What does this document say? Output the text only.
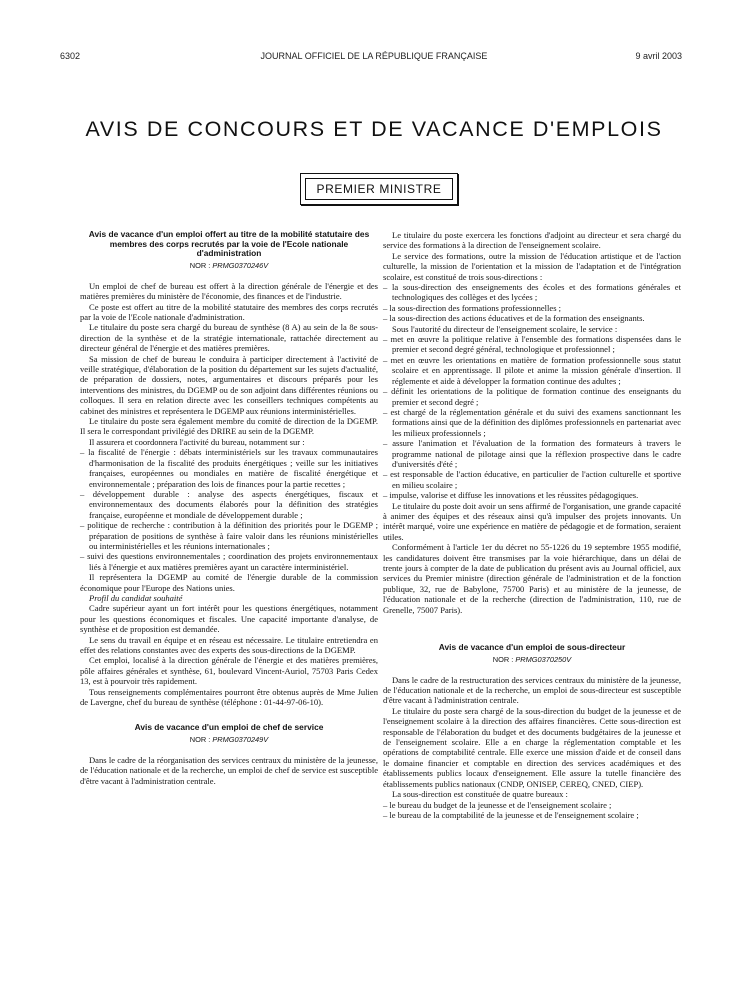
6302	JOURNAL OFFICIEL DE LA RÉPUBLIQUE FRANÇAISE	9 avril 2003
AVIS DE CONCOURS ET DE VACANCE D'EMPLOIS
PREMIER MINISTRE
Avis de vacance d'un emploi offert au titre de la mobilité statutaire des membres des corps recrutés par la voie de l'Ecole nationale d'administration
NOR : PRMG0370246V

Un emploi de chef de bureau est offert à la direction générale de l'énergie et des matières premières du ministère de l'économie, des finances et de l'industrie.

Ce poste est offert au titre de la mobilité statutaire des membres des corps recrutés par la voie de l'Ecole nationale d'administration.

Le titulaire du poste sera chargé du bureau de synthèse (8 A) au sein de la 8e sous-direction de la synthèse et de la stratégie internationale, rattachée directement au directeur général de l'énergie et des matières premières.

Sa mission de chef de bureau le conduira à participer directement à l'activité de veille stratégique, d'élaboration de la position du département sur les sujets d'actualité, de préparation de dossiers, notes, argumentaires et discours préparés pour les interventions des ministres, du DGEMP ou de son adjoint dans différentes réunions ou colloques. Il sera en relation directe avec les conseillers techniques compétents au cabinet des ministres et représentera le DGEMP aux réunions interministérielles.

Le titulaire du poste sera également membre du comité de direction de la DGEMP. Il sera le correspondant privilégié des DRIRE au sein de la DGEMP.

Il assurera et coordonnera l'activité du bureau, notamment sur :

– la fiscalité de l'énergie : débats interministériels sur les travaux communautaires d'harmonisation de la fiscalité des produits énergétiques ; veille sur les initiatives françaises, européennes ou mondiales en matière de fiscalité énergétique et environnementale ; préparation des lois de finances pour la partie recettes ;
– développement durable : analyse des aspects énergétiques, fiscaux et environnementaux des documents élaborés pour la définition des stratégies française, européenne et mondiale de développement durable ;
– politique de recherche : contribution à la définition des priorités pour le DGEMP ; préparation de positions de synthèse à faire valoir dans les réunions ministérielles ou interministérielles et les réunions internationales ;
– suivi des questions environnementales ; coordination des projets environnementaux liés à l'énergie et aux matières premières ayant un caractère interministériel.

Il représentera la DGEMP au comité de l'énergie durable de la commission économique pour l'Europe des Nations unies.

Profil du candidat souhaité

Cadre supérieur ayant un fort intérêt pour les questions énergétiques, notamment pour les questions économiques et fiscales. Une capacité importante d'analyse, de synthèse et de proposition est demandée.

Le sens du travail en équipe et en réseau est nécessaire. Le titulaire entretiendra en effet des relations constantes avec des experts des sous-directions de la DGEMP.

Cet emploi, localisé à la direction générale de l'énergie et des matières premières, pôle affaires générales et synthèse, 61, boulevard Vincent-Auriol, 75703 Paris Cedex 13, est à pourvoir très rapidement.

Tous renseignements complémentaires pourront être obtenus auprès de Mme Julien de Lavergne, chef du bureau de synthèse (téléphone : 01-44-97-06-10).

Avis de vacance d'un emploi de chef de service
NOR : PRMG0370249V

Dans le cadre de la réorganisation des services centraux du ministère de la jeunesse, de l'éducation nationale et de la recherche, un emploi de chef de service est susceptible d'être vacant à l'administration centrale.

Le titulaire du poste exercera les fonctions d'adjoint au directeur et sera chargé du service des formations à la direction de l'enseignement scolaire.

Le service des formations, outre la mission de l'éducation artistique et de l'action culturelle, la mission de l'orientation et la mission de l'adaptation et de l'intégration scolaire, est constitué de trois sous-directions :

– la sous-direction des enseignements des écoles et des formations générales et technologiques des collèges et des lycées ;
– la sous-direction des formations professionnelles ;
– la sous-direction des actions éducatives et de la formation des enseignants.

Sous l'autorité du directeur de l'enseignement scolaire, le service :

– met en œuvre la politique relative à l'ensemble des formations dispensées dans le premier et second degré général, technologique et professionnel ;
– met en œuvre les orientations en matière de formation professionnelle sous statut scolaire et en apprentissage. Il pilote et anime la mission générale d'insertion. Il réglemente et aide à développer la formation continue des adultes ;
– définit les orientations de la politique de formation continue des enseignants du premier et second degré ;
– est chargé de la réglementation générale et du suivi des examens sanctionnant les formations ainsi que de la définition des diplômes professionnels en partenariat avec les milieux professionnels ;
– assure l'animation et l'évaluation de la formation des formateurs à travers le programme national de pilotage ainsi que la réflexion prospective dans le cadre d'universités d'été ;
– est responsable de l'action éducative, en particulier de l'action culturelle et sportive en milieu scolaire ;
– impulse, valorise et diffuse les innovations et les réussites pédagogiques.

Le titulaire du poste doit avoir un sens affirmé de l'organisation, une grande capacité à animer des équipes et des réseaux ainsi qu'à impulser des projets innovants. Un intérêt marqué, voire une expérience en matière de pédagogie et de formation, seraient utiles.

Conformément à l'article 1er du décret no 55-1226 du 19 septembre 1955 modifié, les candidatures doivent être transmises par la voie hiérarchique, dans un délai de trente jours à compter de la date de publication du présent avis au Journal officiel, aux services du Premier ministre (direction générale de l'administration et de la fonction publique, 32, rue de Babylone, 75700 Paris) et au ministère de la jeunesse, de l'éducation nationale et de la recherche (direction de l'administration, 110, rue de Grenelle, 75007 Paris).

Avis de vacance d'un emploi de sous-directeur
NOR : PRMG0370250V

Dans le cadre de la restructuration des services centraux du ministère de la jeunesse, de l'éducation nationale et de la recherche, un emploi de sous-directeur est susceptible d'être vacant à l'administration centrale.

Le titulaire du poste sera chargé de la sous-direction du budget de la jeunesse et de l'enseignement scolaire à la direction des affaires financières. Cette sous-direction est responsable de l'élaboration du budget et des documents budgétaires de la jeunesse et de l'enseignement scolaire. Elle a en charge la réglementation comptable et les opérations de comptabilité centrale. Elle exerce une mission d'aide et de conseil dans le domaine financier et comptable en direction des services académiques et des établissements publics locaux d'enseignement. Elle assure la tutelle financière des établissements publics nationaux (CNDP, ONISEP, CEREQ, CNED, CIEP).

La sous-direction est constituée de quatre bureaux :

– le bureau du budget de la jeunesse et de l'enseignement scolaire ;
– le bureau de la comptabilité de la jeunesse et de l'enseignement scolaire ;
